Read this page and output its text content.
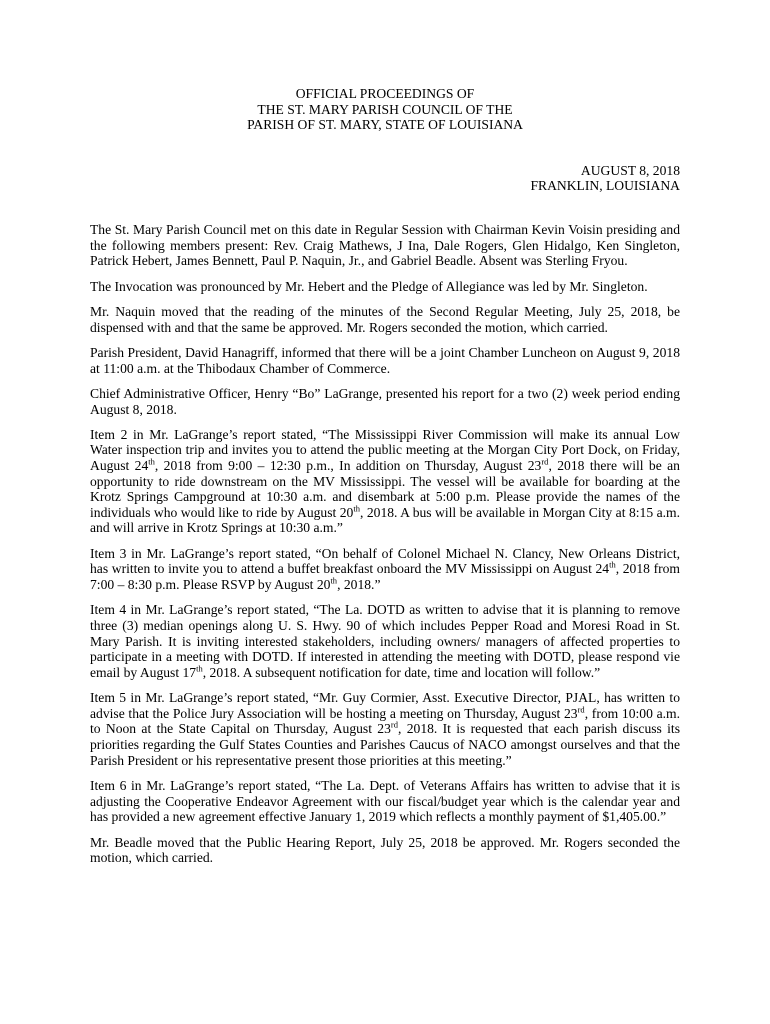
OFFICIAL PROCEEDINGS OF

THE ST. MARY PARISH COUNCIL OF THE

PARISH OF ST. MARY, STATE OF LOUISIANA

AUGUST 8, 2018

FRANKLIN, LOUISIANA

The St. Mary Parish Council met on this date in Regular Session with Chairman Kevin Voisin presiding and the following members present: Rev. Craig Mathews, J Ina, Dale Rogers, Glen Hidalgo, Ken Singleton, Patrick Hebert, James Bennett, Paul P. Naquin, Jr., and Gabriel Beadle. Absent was Sterling Fryou.

The Invocation was pronounced by Mr. Hebert and the Pledge of Allegiance was led by Mr. Singleton.

Mr. Naquin moved that the reading of the minutes of the Second Regular Meeting, July 25, 2018, be dispensed with and that the same be approved. Mr. Rogers seconded the motion, which carried.

Parish President, David Hanagriff, informed that there will be a joint Chamber Luncheon on August 9, 2018 at 11:00 a.m. at the Thibodaux Chamber of Commerce.

Chief Administrative Officer, Henry “Bo” LaGrange, presented his report for a two (2) week period ending August 8, 2018.

Item 2 in Mr. LaGrange’s report stated, “The Mississippi River Commission will make its annual Low Water inspection trip and invites you to attend the public meeting at the Morgan City Port Dock, on Friday, August 24th, 2018 from 9:00 – 12:30 p.m., In addition on Thursday, August 23rd, 2018 there will be an opportunity to ride downstream on the MV Mississippi. The vessel will be available for boarding at the Krotz Springs Campground at 10:30 a.m. and disembark at 5:00 p.m. Please provide the names of the individuals who would like to ride by August 20th, 2018. A bus will be available in Morgan City at 8:15 a.m. and will arrive in Krotz Springs at 10:30 a.m.”

Item 3 in Mr. LaGrange’s report stated, “On behalf of Colonel Michael N. Clancy, New Orleans District, has written to invite you to attend a buffet breakfast onboard the MV Mississippi on August 24th, 2018 from 7:00 – 8:30 p.m. Please RSVP by August 20th, 2018.”

Item 4 in Mr. LaGrange’s report stated, “The La. DOTD as written to advise that it is planning to remove three (3) median openings along U. S. Hwy. 90 of which includes Pepper Road and Moresi Road in St. Mary Parish. It is inviting interested stakeholders, including owners/ managers of affected properties to participate in a meeting with DOTD. If interested in attending the meeting with DOTD, please respond vie email by August 17th, 2018. A subsequent notification for date, time and location will follow.”

Item 5 in Mr. LaGrange’s report stated, “Mr. Guy Cormier, Asst. Executive Director, PJAL, has written to advise that the Police Jury Association will be hosting a meeting on Thursday, August 23rd, from 10:00 a.m. to Noon at the State Capital on Thursday, August 23rd, 2018. It is requested that each parish discuss its priorities regarding the Gulf States Counties and Parishes Caucus of NACO amongst ourselves and that the Parish President or his representative present those priorities at this meeting.”

Item 6 in Mr. LaGrange’s report stated, “The La. Dept. of Veterans Affairs has written to advise that it is adjusting the Cooperative Endeavor Agreement with our fiscal/budget year which is the calendar year and has provided a new agreement effective January 1, 2019 which reflects a monthly payment of $1,405.00.”

Mr. Beadle moved that the Public Hearing Report, July 25, 2018 be approved. Mr. Rogers seconded the motion, which carried.
